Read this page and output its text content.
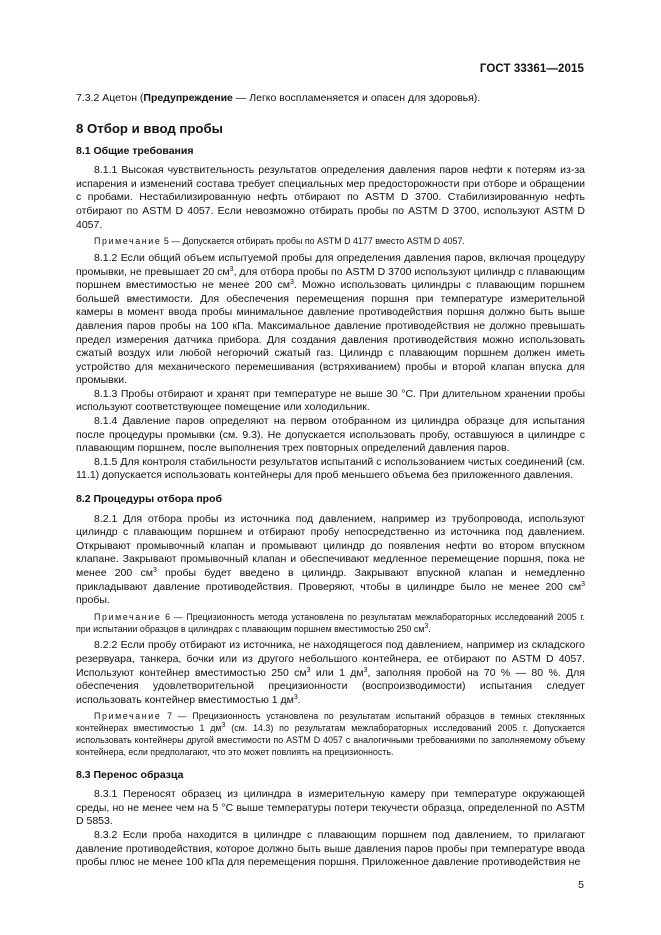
ГОСТ 33361—2015

7.3.2 Ацетон (Предупреждение — Легко воспламеняется и опасен для здоровья).

8 Отбор и ввод пробы
8.1 Общие требования

8.1.1 Высокая чувствительность результатов определения давления паров нефти к потерям из-за испарения и изменений состава требует специальных мер предосторожности при отборе и обращении с пробами. Нестабилизированную нефть отбирают по ASTM D 3700. Стабилизированную нефть отбирают по ASTM D 4057. Если невозможно отбирать пробы по ASTM D 3700, используют ASTM D 4057.

Примечание 5 — Допускается отбирать пробы по ASTM D 4177 вместо ASTM D 4057.

8.1.2 Если общий объем испытуемой пробы для определения давления паров, включая процедуру промывки, не превышает 20 $см^3$, для отбора пробы по ASTM D 3700 используют цилиндр с плавающим поршнем вместимостью не менее 200 $см^3$. Можно использовать цилиндры с плавающим поршнем большей вместимости. Для обеспечения перемещения поршня при температуре измерительной камеры в момент ввода пробы минимальное давление противодействия поршня должно быть выше давления паров пробы на 100 кПа. Максимальное давление противодействия не должно превышать предел измерения датчика прибора. Для создания давления противодействия можно использовать сжатый воздух или любой негорючий сжатый газ. Цилиндр с плавающим поршнем должен иметь устройство для механического перемешивания (встряхиванием) пробы и второй клапан впуска для промывки.

8.1.3 Пробы отбирают и хранят при температуре не выше 30 °С. При длительном хранении пробы используют соответствующее помещение или холодильник.

8.1.4 Давление паров определяют на первом отобранном из цилиндра образце для испытания после процедуры промывки (см. 9.3). Не допускается использовать пробу, оставшуюся в цилиндре с плавающим поршнем, после выполнения трех повторных определений давления паров.

8.1.5 Для контроля стабильности результатов испытаний с использованием чистых соединений (см. 11.1) допускается использовать контейнеры для проб меньшего объема без приложенного давления.

8.2 Процедуры отбора проб

8.2.1 Для отбора пробы из источника под давлением, например из трубопровода, используют цилиндр с плавающим поршнем и отбирают пробу непосредственно из источника под давлением. Открывают промывочный клапан и промывают цилиндр до появления нефти во втором впускном клапане. Закрывают промывочный клапан и обеспечивают медленное перемещение поршня, пока не менее 200 $см^3$ пробы будет введено в цилиндр. Закрывают впускной клапан и немедленно прикладывают давление противодействия. Проверяют, чтобы в цилиндре было не менее 200 $см^3$ пробы.

Примечание 6 — Прецизионность метода установлена по результатам межлабораторных исследований 2005 г. при испытании образцов в цилиндрах с плавающим поршнем вместимостью 250 $см^3$.

8.2.2 Если пробу отбирают из источника, не находящегося под давлением, например из складского резервуара, танкера, бочки или из другого небольшого контейнера, ее отбирают по ASTM D 4057. Используют контейнер вместимостью 250 $см^3$ или 1 $дм^3$, заполняя пробой на 70 % — 80 %. Для обеспечения удовлетворительной прецизионности (воспроизводимости) испытания следует использовать контейнер вместимостью 1 $дм^3$.

Примечание 7 — Прецизионность установлена по результатам испытаний образцов в темных стеклянных контейнерах вместимостью 1 $дм^3$ (см. 14.3) по результатам межлабораторных исследований 2005 г. Допускается использовать контейнеры другой вместимости по ASTM D 4057 с аналогичными требованиями по заполняемому объему контейнера, если предполагают, что это может повлиять на прецизионность.

8.3 Перенос образца

8.3.1 Переносят образец из цилиндра в измерительную камеру при температуре окружающей среды, но не менее чем на 5 °С выше температуры потери текучести образца, определенной по ASTM D 5853.

8.3.2 Если проба находится в цилиндре с плавающим поршнем под давлением, то прилагают давление противодействия, которое должно быть выше давления паров пробы при температуре ввода пробы плюс не менее 100 кПа для перемещения поршня. Приложенное давление противодействия не

5
